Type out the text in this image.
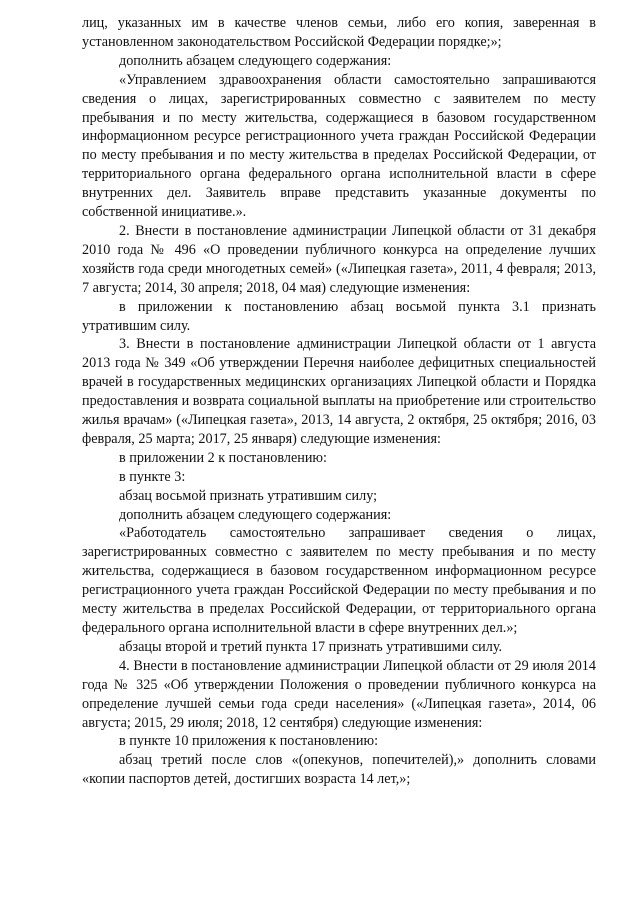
лиц, указанных им в качестве членов семьи, либо его копия, заверенная в установленном законодательством Российской Федерации порядке;»;

дополнить абзацем следующего содержания:

«Управлением здравоохранения области самостоятельно запрашиваются сведения о лицах, зарегистрированных совместно с заявителем по месту пребывания и по месту жительства, содержащиеся в базовом государственном информационном ресурсе регистрационного учета граждан Российской Федерации по месту пребывания и по месту жительства в пределах Российской Федерации, от территориального органа федерального органа исполнительной власти в сфере внутренних дел. Заявитель вправе представить указанные документы по собственной инициативе.».

2. Внести в постановление администрации Липецкой области от 31 декабря 2010 года № 496 «О проведении публичного конкурса на определение лучших хозяйств года среди многодетных семей» («Липецкая газета», 2011, 4 февраля; 2013, 7 августа; 2014, 30 апреля; 2018, 04 мая) следующие изменения:

в приложении к постановлению абзац восьмой пункта 3.1 признать утратившим силу.

3. Внести в постановление администрации Липецкой области от 1 августа 2013 года № 349 «Об утверждении Перечня наиболее дефицитных специальностей врачей в государственных медицинских организациях Липецкой области и Порядка предоставления и возврата социальной выплаты на приобретение или строительство жилья врачам» («Липецкая газета», 2013, 14 августа, 2 октября, 25 октября; 2016, 03 февраля, 25 марта; 2017, 25 января) следующие изменения:

в приложении 2 к постановлению:

в пункте 3:

абзац восьмой признать утратившим силу;

дополнить абзацем следующего содержания:

«Работодатель самостоятельно запрашивает сведения о лицах, зарегистрированных совместно с заявителем по месту пребывания и по месту жительства, содержащиеся в базовом государственном информационном ресурсе регистрационного учета граждан Российской Федерации по месту пребывания и по месту жительства в пределах Российской Федерации, от территориального органа федерального органа исполнительной власти в сфере внутренних дел.»;

абзацы второй и третий пункта 17 признать утратившими силу.

4. Внести в постановление администрации Липецкой области от 29 июля 2014 года № 325 «Об утверждении Положения о проведении публичного конкурса на определение лучшей семьи года среди населения» («Липецкая газета», 2014, 06 августа; 2015, 29 июля; 2018, 12 сентября) следующие изменения:

в пункте 10 приложения к постановлению:

абзац третий после слов «(опекунов, попечителей),» дополнить словами «копии паспортов детей, достигших возраста 14 лет,»;
